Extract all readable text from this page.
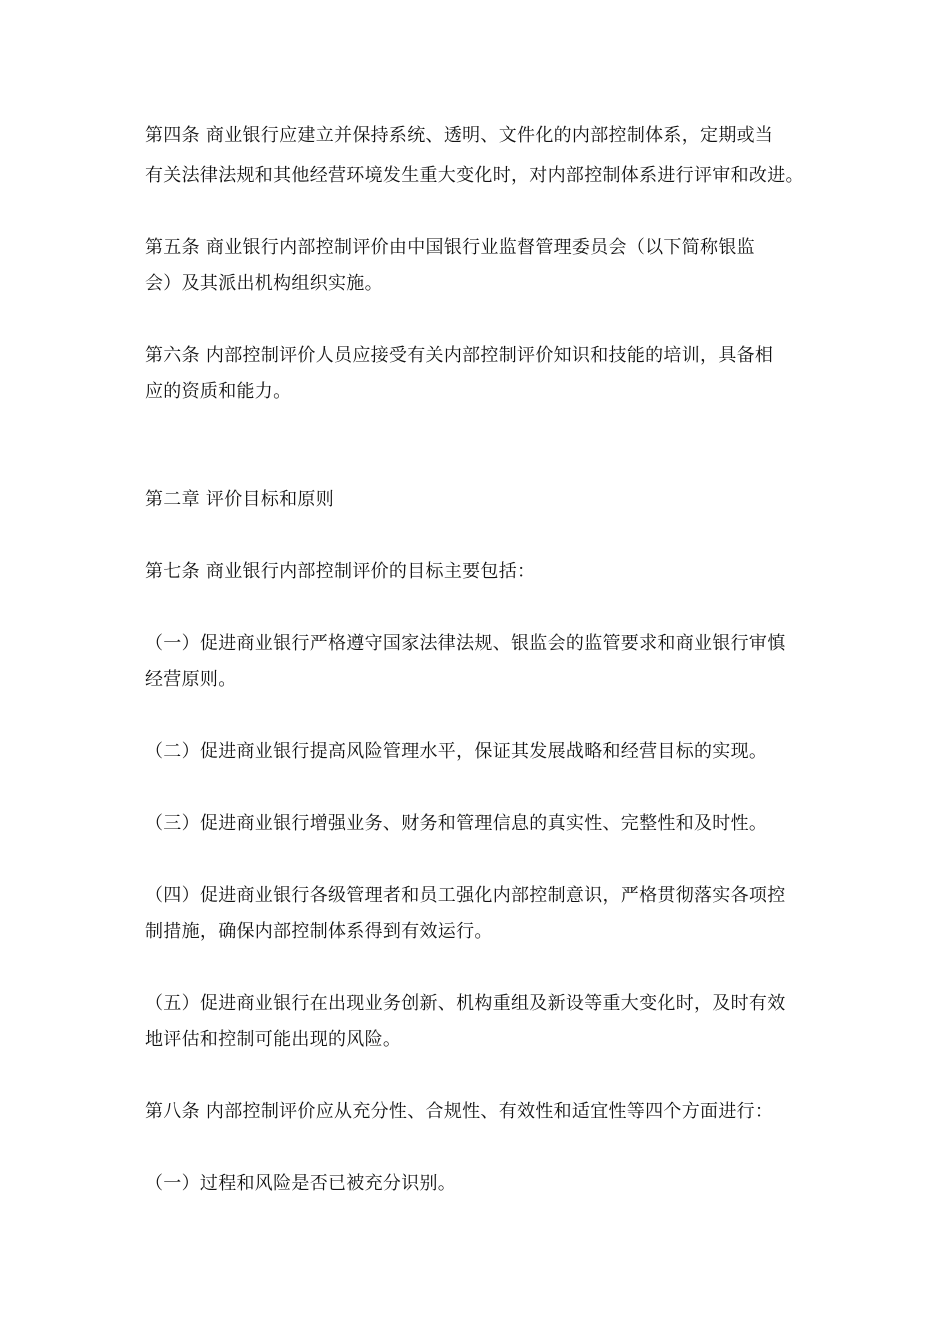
第四条 商业银行应建立并保持系统、透明、文件化的内部控制体系，定期或当
有关法律法规和其他经营环境发生重大变化时，对内部控制体系进行评审和改进。
第五条 商业银行内部控制评价由中国银行业监督管理委员会（以下简称银监
会）及其派出机构组织实施。
第六条 内部控制评价人员应接受有关内部控制评价知识和技能的培训，具备相
应的资质和能力。
第二章 评价目标和原则
第七条 商业银行内部控制评价的目标主要包括：
（一）促进商业银行严格遵守国家法律法规、银监会的监管要求和商业银行审慎
经营原则。
（二）促进商业银行提高风险管理水平，保证其发展战略和经营目标的实现。
（三）促进商业银行增强业务、财务和管理信息的真实性、完整性和及时性。
（四）促进商业银行各级管理者和员工强化内部控制意识，严格贯彻落实各项控
制措施，确保内部控制体系得到有效运行。
（五）促进商业银行在出现业务创新、机构重组及新设等重大变化时，及时有效
地评估和控制可能出现的风险。
第八条 内部控制评价应从充分性、合规性、有效性和适宜性等四个方面进行：
（一）过程和风险是否已被充分识别。
